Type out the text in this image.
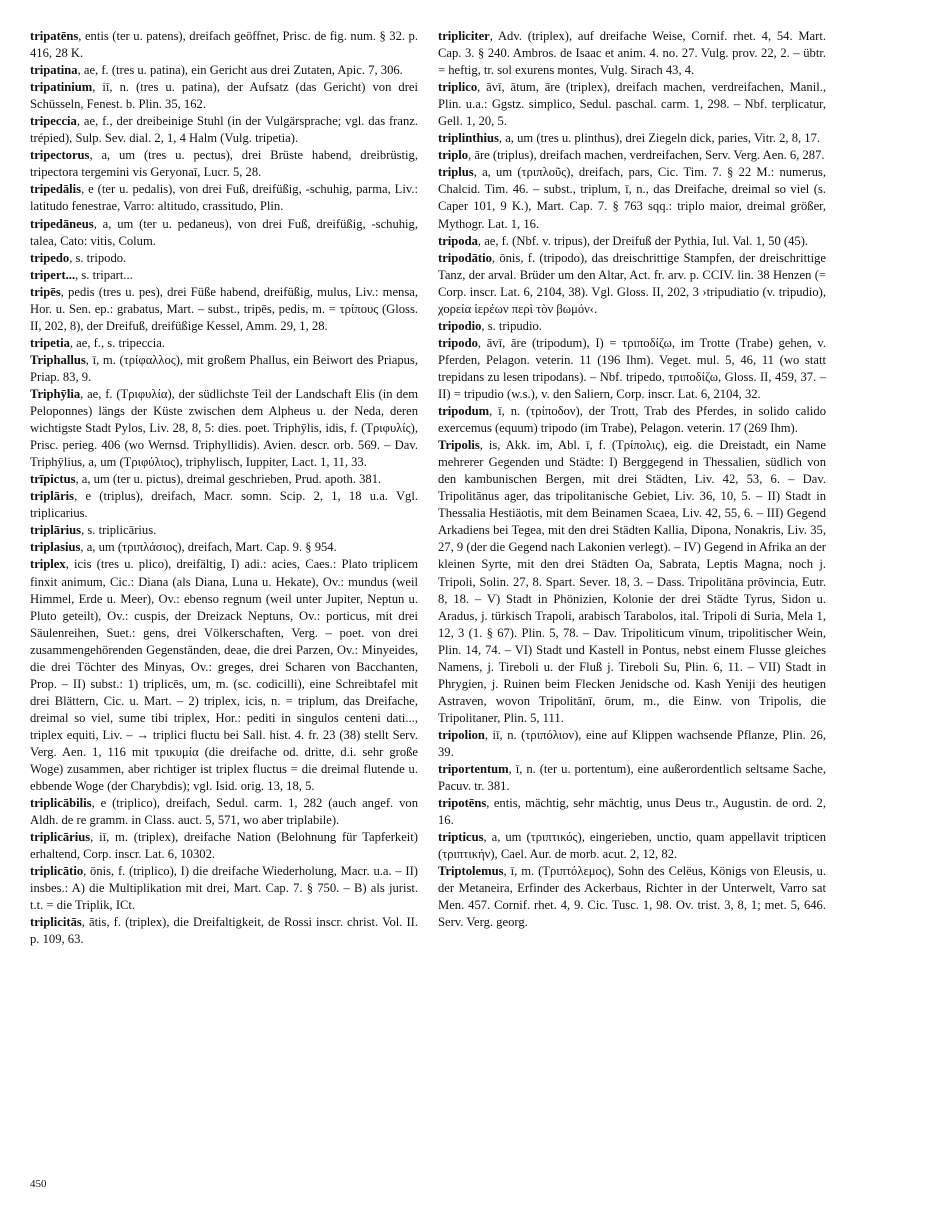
tripatēns, entis (ter u. patens), dreifach geöffnet, Prisc. de fig. num. § 32. p. 416, 28 K.

tripatina, ae, f. (tres u. patina), ein Gericht aus drei Zutaten, Apic. 7, 306.

tripatinium, iī, n. (tres u. patina), der Aufsatz (das Gericht) von drei Schüsseln, Fenest. b. Plin. 35, 162.

tripeccia, ae, f., der dreibeinige Stuhl (in der Vulgärsprache; vgl. das franz. trépied), Sulp. Sev. dial. 2, 1, 4 Halm (Vulg. tripetia).

tripectorus, a, um (tres u. pectus), drei Brüste habend, dreibrüstig, tripectora tergemini vis Geryonaī, Lucr. 5, 28.

tripedālis, e (ter u. pedalis), von drei Fuß, dreifüßig, -schuhig, parma, Liv.: latitudo fenestrae, Varro: altitudo, crassitudo, Plin.

tripedāneus, a, um (ter u. pedaneus), von drei Fuß, dreifüßig, -schuhig, talea, Cato: vitis, Colum.

tripedo, s. tripodo.

tripert..., s. tripart...

tripēs, pedis (tres u. pes), drei Füße habend, dreifüßig, mulus, Liv.: mensa, Hor. u. Sen. ep.: grabatus, Mart. – subst., tripēs, pedis, m. = τρίπους (Gloss. II, 202, 8), der Dreifuß, dreifüßige Kessel, Amm. 29, 1, 28.

tripetia, ae, f., s. tripeccia.

Triphallus, ī, m. (τρίφαλλος), mit großem Phallus, ein Beiwort des Priapus, Priap. 83, 9.

Triphȳlia, ae, f. (Τριφυλία), der südlichste Teil der Landschaft Elis (in dem Peloponnes) längs der Küste zwischen dem Alpheus u. der Neda, deren wichtigste Stadt Pylos, Liv. 28, 8, 5: dies. poet. Triphȳlis, idis, f. (Τριφυλίς), Prisc. perieg. 406 (wo Wernsd. Triphyllidis). Avien. descr. orb. 569. – Dav. Triphȳlius, a, um (Τριφύλιος), triphylisch, Iuppiter, Lact. 1, 11, 33.

trīpictus, a, um (ter u. pictus), dreimal geschrieben, Prud. apoth. 381.

triplāris, e (triplus), dreifach, Macr. somn. Scip. 2, 1, 18 u.a. Vgl. triplicarius.

triplārius, s. triplicārius.

triplasius, a, um (τριπλάσιος), dreifach, Mart. Cap. 9. § 954.

triplex, icis (tres u. plico), dreifältig, I) adi.: acies, Caes.: Plato triplicem finxit animum, Cic.: Diana (als Diana, Luna u. Hekate), Ov.: mundus (weil Himmel, Erde u. Meer), Ov.: ebenso regnum (weil unter Jupiter, Neptun u. Pluto geteilt), Ov.: cuspis, der Dreizack Neptuns, Ov.: porticus, mit drei Säulenreihen, Suet.: gens, drei Völkerschaften, Verg. – poet. von drei zusammengehörenden Gegenständen, deae, die drei Parzen, Ov.: Minyeides, die drei Töchter des Minyas, Ov.: greges, drei Scharen von Bacchanten, Prop. – II) subst.: 1) triplicēs, um, m. (sc. codicilli), eine Schreibtafel mit drei Blättern, Cic. u. Mart. – 2) triplex, icis, n. = triplum, das Dreifache, dreimal so viel, sume tibi triplex, Hor.: pediti in singulos centeni dati..., triplex equiti, Liv. – → triplici fluctu bei Sall. hist. 4. fr. 23 (38) stellt Serv. Verg. Aen. 1, 116 mit τρικυμία (die dreifache od. dritte, d.i. sehr große Woge) zusammen, aber richtiger ist triplex fluctus = die dreimal flutende u. ebbende Woge (der Charybdis); vgl. Isid. orig. 13, 18, 5.

triplicābilis, e (triplico), dreifach, Sedul. carm. 1, 282 (auch angef. von Aldh. de re gramm. in Class. auct. 5, 571, wo aber triplabile).

triplicārius, iī, m. (triplex), dreifache Nation (Belohnung für Tapferkeit) erhaltend, Corp. inscr. Lat. 6, 10302.

triplicātio, ōnis, f. (triplico), I) die dreifache Wiederholung, Macr. u.a. – II) insbes.: A) die Multiplikation mit drei, Mart. Cap. 7. § 750. – B) als jurist. t.t. = die Triplik, ICt.

triplicitās, ātis, f. (triplex), die Dreifaltigkeit, de Rossi inscr. christ. Vol. II. p. 109, 63.

tripliciter, Adv. (triplex), auf dreifache Weise, Cornif. rhet. 4, 54. Mart. Cap. 3. § 240. Ambros. de Isaac et anim. 4. no. 27. Vulg. prov. 22, 2. – übtr. = heftig, tr. sol exurens montes, Vulg. Sirach 43, 4.

triplico, āvī, ātum, āre (triplex), dreifach machen, verdreifachen, Manil., Plin. u.a.: Ggstz. simplico, Sedul. paschal. carm. 1, 298. – Nbf. terplicatur, Gell. 1, 20, 5.

triplinthius, a, um (tres u. plinthus), drei Ziegeln dick, paries, Vitr. 2, 8, 17.

triplo, āre (triplus), dreifach machen, verdreifachen, Serv. Verg. Aen. 6, 287.

triplus, a, um (τριπλοῦς), dreifach, pars, Cic. Tim. 7. § 22 M.: numerus, Chalcid. Tim. 46. – subst., triplum, ī, n., das Dreifache, dreimal so viel (s. Caper 101, 9 K.), Mart. Cap. 7. § 763 sqq.: triplo maior, dreimal größer, Mythogr. Lat. 1, 16.

tripoda, ae, f. (Nbf. v. tripus), der Dreifuß der Pythia, Iul. Val. 1, 50 (45).

tripodātio, ōnis, f. (tripodo), das dreischrittige Stampfen, der dreischrittige Tanz, der arval. Brüder um den Altar, Act. fr. arv. p. CCIV. lin. 38 Henzen (= Corp. inscr. Lat. 6, 2104, 38). Vgl. Gloss. II, 202, 3 ›tripudiatio (v. tripudio), χορεία ἱερέων περὶ τὸν βωμόν‹.

tripodio, s. tripudio.

tripodo, āvī, āre (tripodum), I) = τριποδίζω, im Trotte (Trabe) gehen, v. Pferden, Pelagon. veterin. 11 (196 Ihm). Veget. mul. 5, 46, 11 (wo statt trepidans zu lesen tripodans). – Nbf. tripedo, τριποδίζω, Gloss. II, 459, 37. – II) = tripudio (w.s.), v. den Saliern, Corp. inscr. Lat. 6, 2104, 32.

tripodum, ī, n. (τρίποδον), der Trott, Trab des Pferdes, in solido calido exercemus (equum) tripodo (im Trabe), Pelagon. veterin. 17 (269 Ihm).

Tripolis, is, Akk. im, Abl. ī, f. (Τρίπολις), eig. die Dreistadt, ein Name mehrerer Gegenden und Städte: I) Berggegend in Thessalien, südlich von den kambunischen Bergen, mit drei Städten, Liv. 42, 53, 6. – Dav. Tripolitānus ager, das tripolitanische Gebiet, Liv. 36, 10, 5. – II) Stadt in Thessalia Hestiäotis, mit dem Beinamen Scaea, Liv. 42, 55, 6. – III) Gegend Arkadiens bei Tegea, mit den drei Städten Kallia, Dipona, Nonakris, Liv. 35, 27, 9 (der die Gegend nach Lakonien verlegt). – IV) Gegend in Afrika an der kleinen Syrte, mit den drei Städten Oa, Sabrata, Leptis Magna, noch j. Tripoli, Solin. 27, 8. Spart. Sever. 18, 3. – Dass. Tripolitāna prōvincia, Eutr. 8, 18. – V) Stadt in Phönizien, Kolonie der drei Städte Tyrus, Sidon u. Aradus, j. türkisch Trapoli, arabisch Tarabolos, ital. Tripoli di Suria, Mela 1, 12, 3 (1. § 67). Plin. 5, 78. – Dav. Tripoliticum vīnum, tripolitischer Wein, Plin. 14, 74. – VI) Stadt und Kastell in Pontus, nebst einem Flusse gleiches Namens, j. Tireboli u. der Fluß j. Tireboli Su, Plin. 6, 11. – VII) Stadt in Phrygien, j. Ruinen beim Flecken Jenidsche od. Kash Yeniji des heutigen Astraven, wovon Tripolitānī, ōrum, m., die Einw. von Tripolis, die Tripolitaner, Plin. 5, 111.

tripolion, iī, n. (τριπόλιον), eine auf Klippen wachsende Pflanze, Plin. 26, 39.

triportentum, ī, n. (ter u. portentum), eine außerordentlich seltsame Sache, Pacuv. tr. 381.

tripotēns, entis, mächtig, sehr mächtig, unus Deus tr., Augustin. de ord. 2, 16.

tripticus, a, um (τριπτικός), eingerieben, unctio, quam appellavit tripticen (τριπτικήν), Cael. Aur. de morb. acut. 2, 12, 82.

Triptolemus, ī, m. (Τριπτόλεμος), Sohn des Celëus, Königs von Eleusis, u. der Metaneira, Erfinder des Ackerbaus, Richter in der Unterwelt, Varro sat Men. 457. Cornif. rhet. 4, 9. Cic. Tusc. 1, 98. Ov. trist. 3, 8, 1; met. 5, 646. Serv. Verg. georg.

450
